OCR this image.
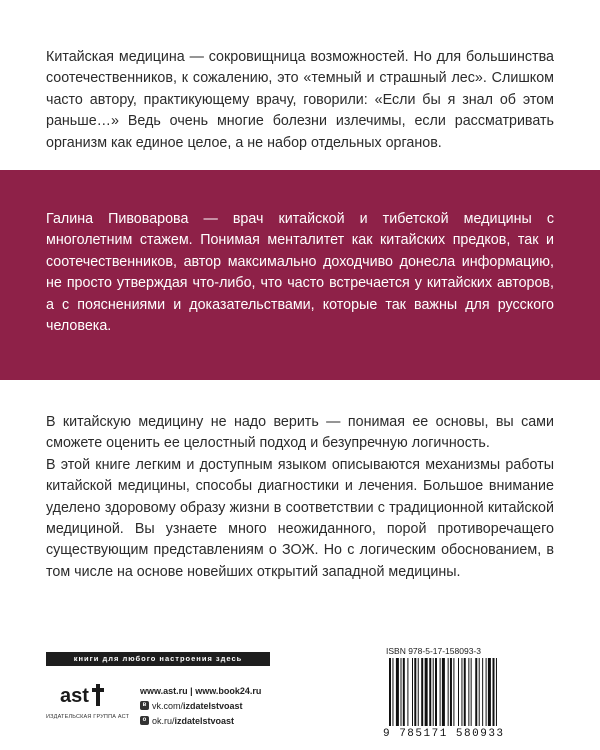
Китайская медицина — сокровищница возможностей. Но для большинства соотечественников, к сожалению, это «темный и страшный лес». Слишком часто автору, практикующему врачу, говорили: «Если бы я знал об этом раньше…» Ведь очень многие болезни излечимы, если рассматривать организм как единое целое, а не набор отдельных органов.

Галина Пивоварова — врач китайской и тибетской медицины с многолетним стажем. Понимая менталитет как китайских предков, так и соотечественников, автор максимально доходчиво донесла информацию, не просто утверждая что-либо, что часто встречается у китайских авторов, а с пояснениями и доказательствами, которые так важны для русского человека.

В китайскую медицину не надо верить — понимая ее основы, вы сами сможете оценить ее целостный подход и безупречную логичность.
В этой книге легким и доступным языком описываются механизмы работы китайской медицины, способы диагностики и лечения. Большое внимание уделено здоровому образу жизни в соответствии с традиционной китайской медициной. Вы узнаете много неожиданного, порой противоречащего существующим представлениям о ЗОЖ. Но с логическим обоснованием, в том числе на основе новейших открытий западной медицины.
книги для любого настроения здесь
ast
ИЗДАТЕЛЬСКАЯ ГРУППА АСТ
www.ast.ru | www.book24.ru
в vk.com/ izdatelstvoast
о ok.ru/ izdatelstvoast
ISBN 978-5-17-158093-3
9 785171 580933
